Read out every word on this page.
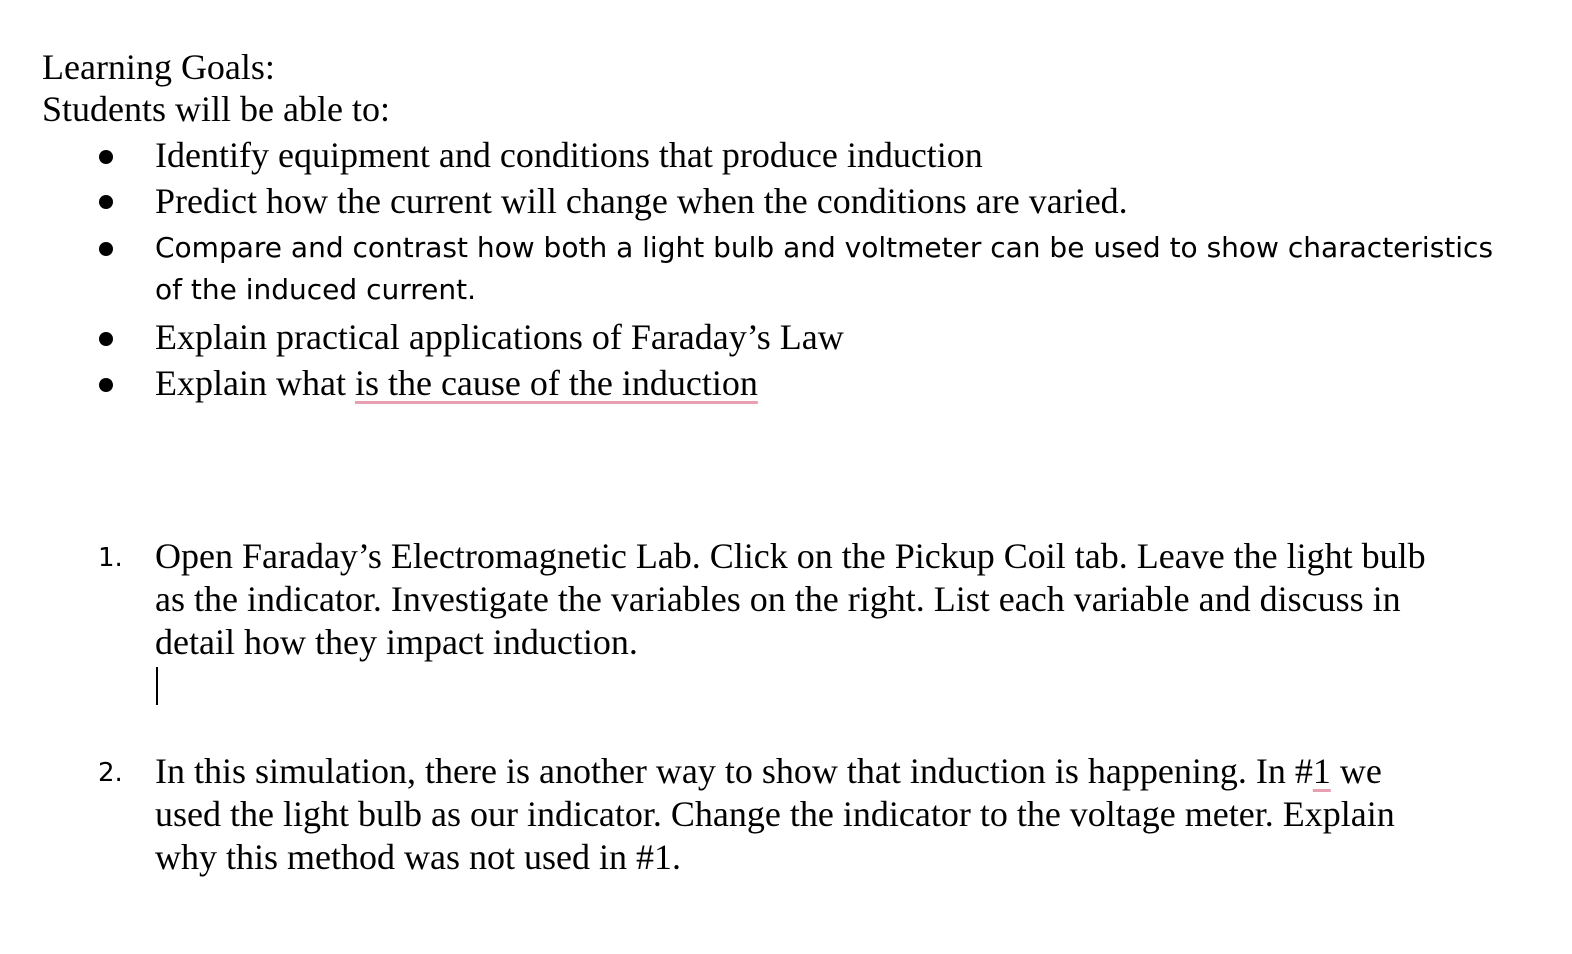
Learning Goals:
Students will be able to:
Identify equipment and conditions that produce induction
Predict how the current will change when the conditions are varied.
Compare and contrast how both a light bulb and voltmeter can be used to show characteristics
of the induced current.
Explain practical applications of Faraday’s Law
Explain what is the cause of the induction
1. Open Faraday’s Electromagnetic Lab. Click on the Pickup Coil tab. Leave the light bulb
as the indicator. Investigate the variables on the right. List each variable and discuss in
detail how they impact induction.
2. In this simulation, there is another way to show that induction is happening. In #1 we
used the light bulb as our indicator. Change the indicator to the voltage meter. Explain
why this method was not used in #1.
